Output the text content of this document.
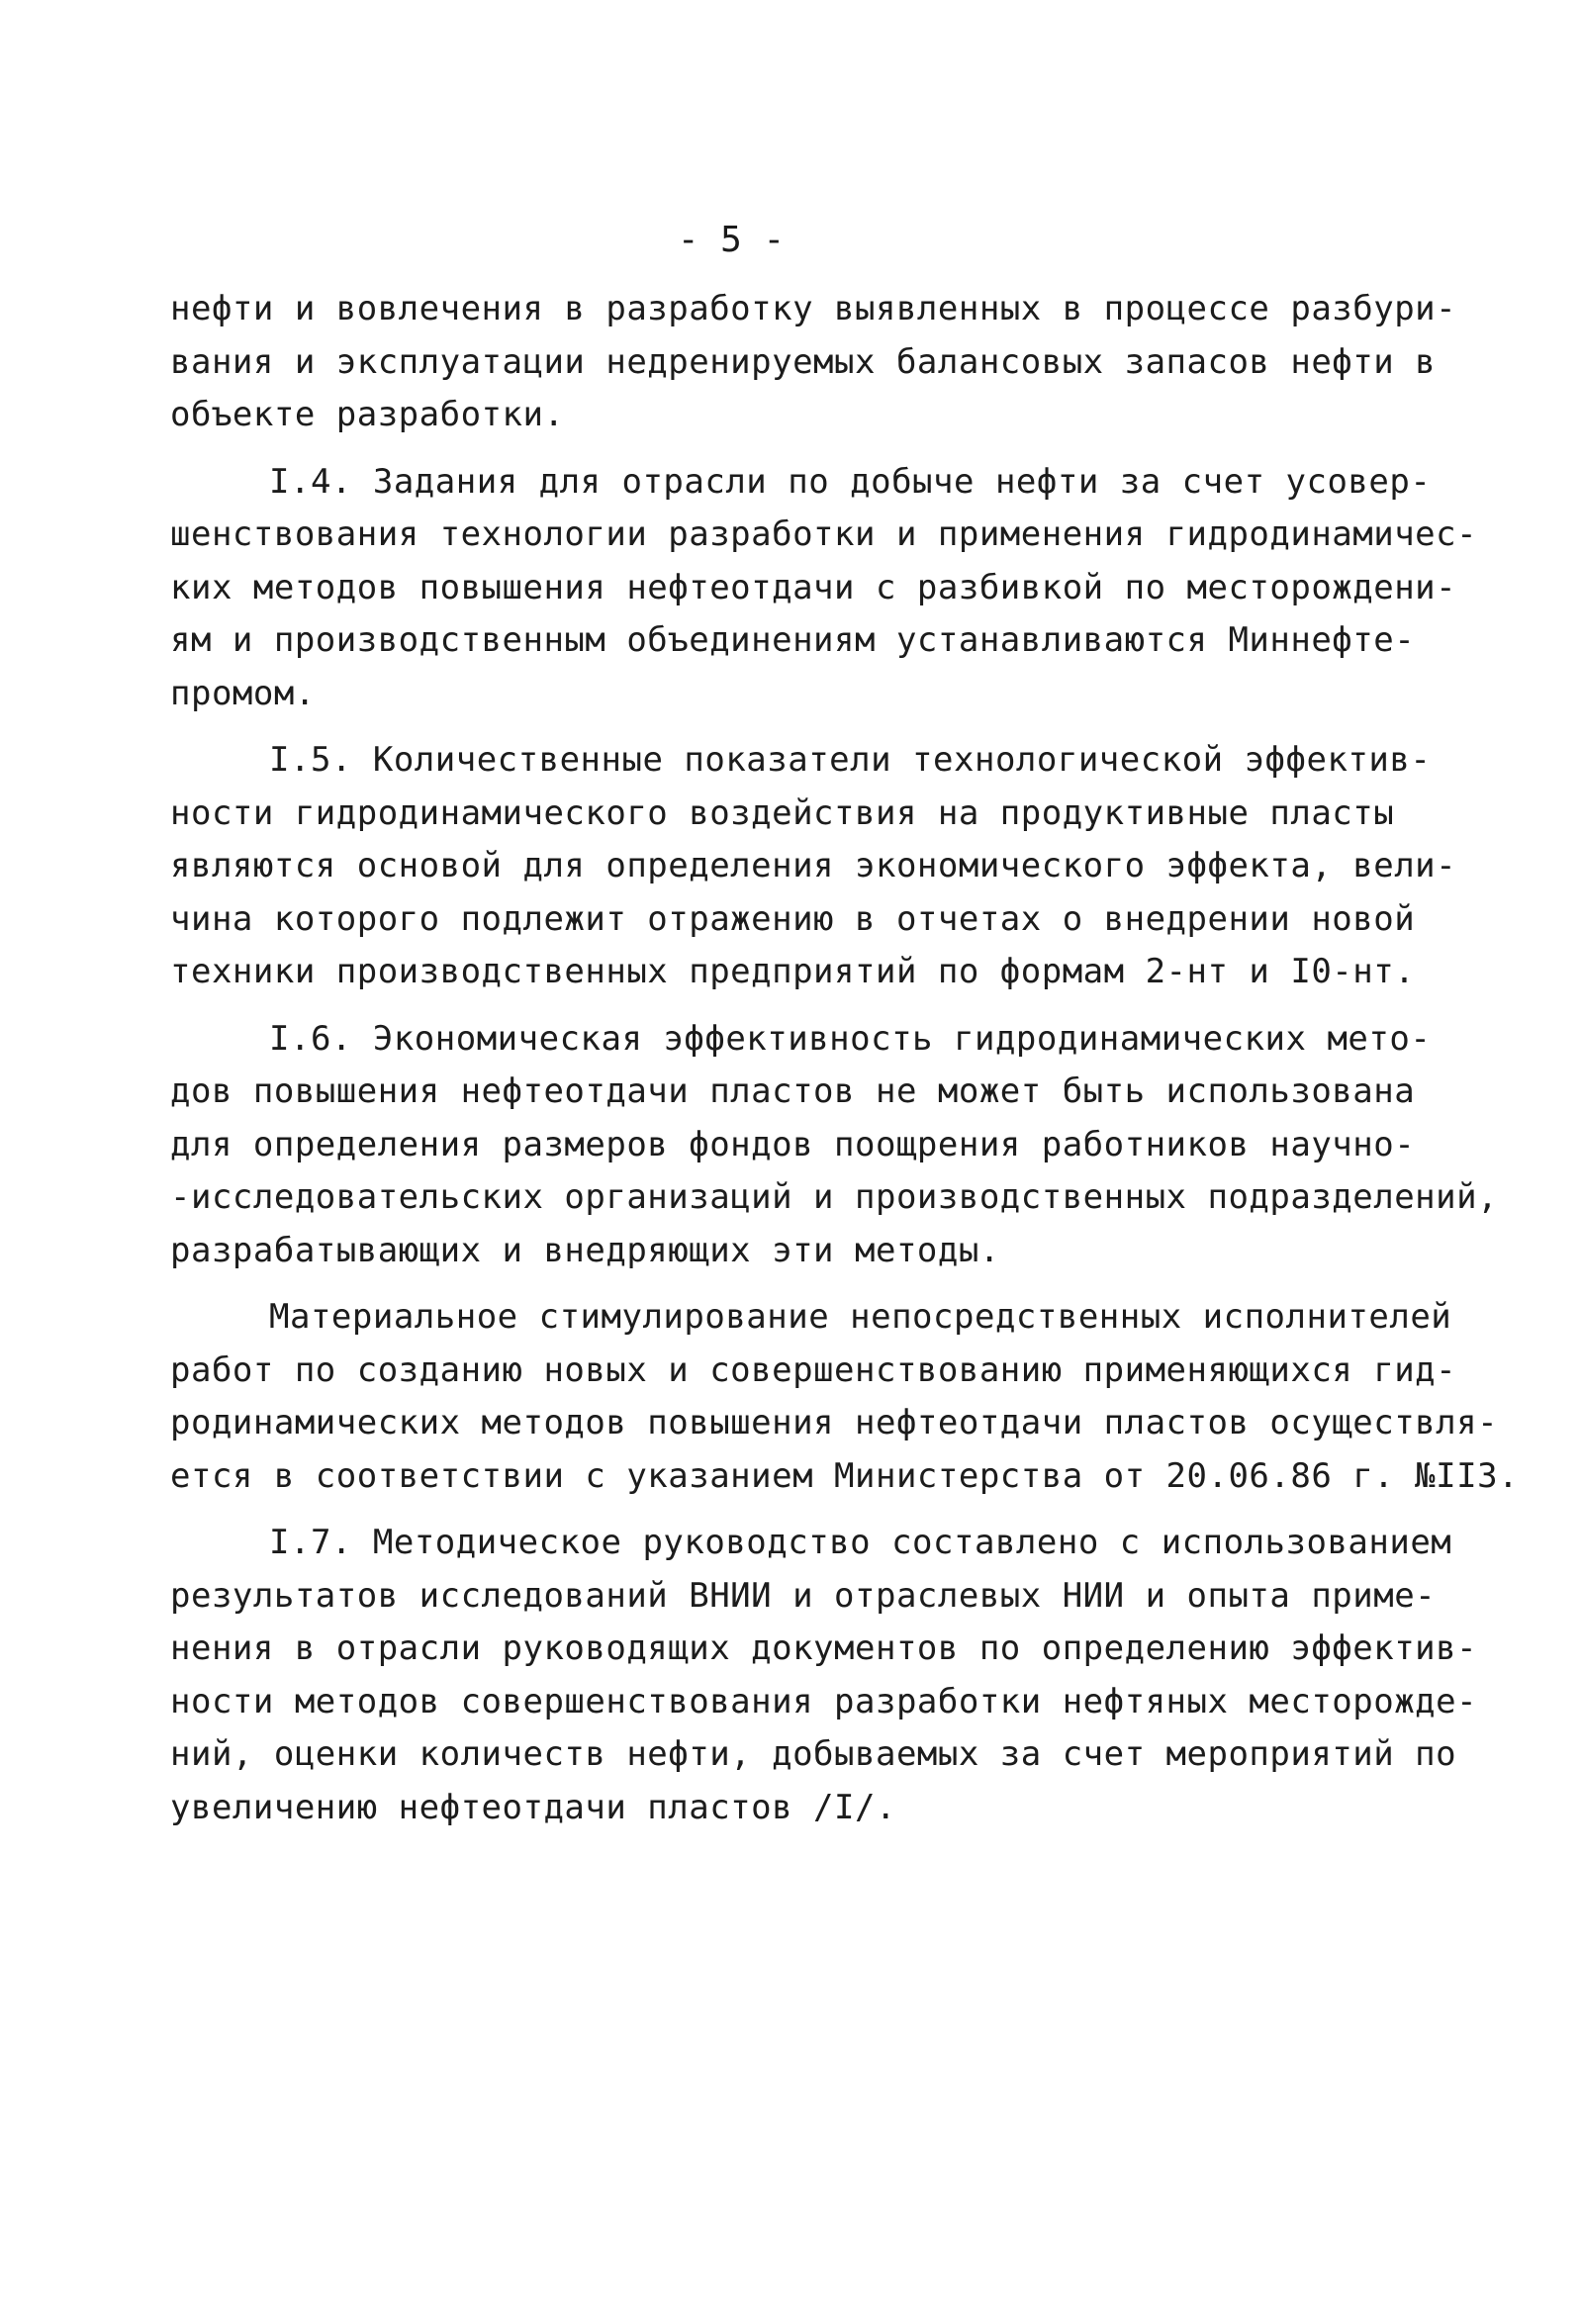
- 5 -
нефти и вовлечения в разработку выявленных в процессе разбури-
вания и эксплуатации недренируемых балансовых запасов нефти в
объекте разработки.
I.4. Задания для отрасли по добыче нефти за счет усовер-
шенствования технологии разработки и применения гидродинамичес-
ких методов повышения нефтеотдачи с разбивкой по месторождени-
ям и производственным объединениям устанавливаются Миннефте-
промом.
I.5. Количественные показатели технологической эффектив-
ности гидродинамического воздействия на продуктивные пласты
являются основой для определения экономического эффекта, вели-
чина которого подлежит отражению в отчетах о внедрении новой
техники производственных предприятий по формам 2-нт и I0-нт.
I.6. Экономическая эффективность гидродинамических мето-
дов повышения нефтеотдачи пластов не может быть использована
для определения размеров фондов поощрения работников научно-
-исследовательских организаций и производственных подразделений,
разрабатывающих и внедряющих эти методы.
Материальное стимулирование непосредственных исполнителей
работ по созданию новых и совершенствованию применяющихся гид-
родинамических методов повышения нефтеотдачи пластов осуществля-
ется в соответствии с указанием Министерства от 20.06.86 г. №II3.
I.7. Методическое руководство составлено с использованием
результатов исследований ВНИИ и отраслевых НИИ и опыта приме-
нения в отрасли руководящих документов по определению эффектив-
ности методов совершенствования разработки нефтяных месторожде-
ний, оценки количеств нефти, добываемых за счет мероприятий по
увеличению нефтеотдачи пластов /I/.
